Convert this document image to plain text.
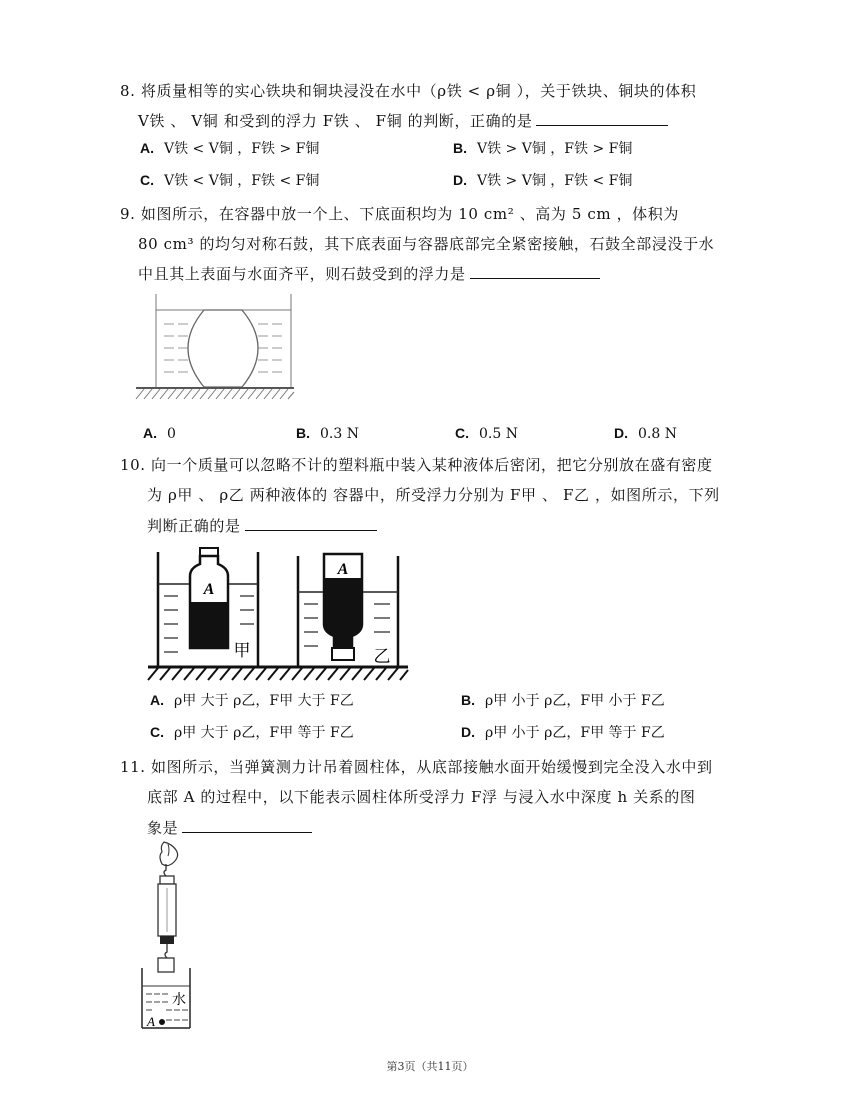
8. 将质量相等的实心铁块和铜块浸没在水中（ρ铁 < ρ铜 ），关于铁块、铜块的体积
V铁 、 V铜 和受到的浮力 F铁 、 F铜 的判断，正确的是
A. V铁 < V铜 ，F铁 > F铜	B. V铁 > V铜 ，F铁 > F铜
C. V铁 < V铜 ，F铁 < F铜	D. V铁 > V铜 ，F铁 < F铜
9. 如图所示，在容器中放一个上、下底面积均为 10 cm² 、高为 5 cm ，体积为
80 cm³ 的均匀对称石鼓，其下底表面与容器底部完全紧密接触，石鼓全部浸没于水
中且其上表面与水面齐平，则石鼓受到的浮力是
A. 0	B. 0.3 N	C. 0.5 N	D. 0.8 N
10. 向一个质量可以忽略不计的塑料瓶中装入某种液体后密闭，把它分别放在盛有密度
为 ρ甲 、 ρ乙 两种液体的 容器中，所受浮力分别为 F甲 、 F乙 ，如图所示，下列
判断正确的是
A
甲
A
乙
A. ρ甲 大于 ρ乙，F甲 大于 F乙	B. ρ甲 小于 ρ乙，F甲 小于 F乙
C. ρ甲 大于 ρ乙，F甲 等于 F乙	D. ρ甲 小于 ρ乙，F甲 等于 F乙
11. 如图所示，当弹簧测力计吊着圆柱体，从底部接触水面开始缓慢到完全没入水中到
底部 A 的过程中，以下能表示圆柱体所受浮力 F浮 与浸入水中深度 h 关系的图
象是
水
A
第3页（共11页）
